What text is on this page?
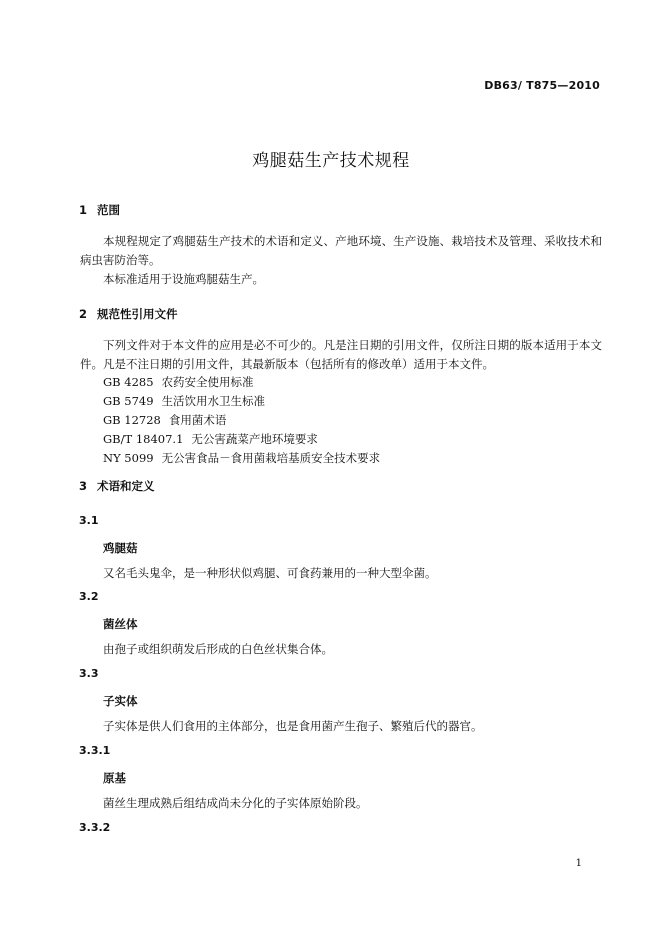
DB63/ T875—2010
鸡腿菇生产技术规程
1 范围
本规程规定了鸡腿菇生产技术的术语和定义、产地环境、生产设施、栽培技术及管理、采收技术和病虫害防治等。
本标准适用于设施鸡腿菇生产。
2 规范性引用文件
下列文件对于本文件的应用是必不可少的。凡是注日期的引用文件，仅所注日期的版本适用于本文件。凡是不注日期的引用文件，其最新版本（包括所有的修改单）适用于本文件。
GB 4285 农药安全使用标准
GB 5749 生活饮用水卫生标准
GB 12728 食用菌术语
GB/T 18407.1 无公害蔬菜产地环境要求
NY 5099 无公害食品－食用菌栽培基质安全技术要求
3 术语和定义
3.1
鸡腿菇
又名毛头鬼伞，是一种形状似鸡腿、可食药兼用的一种大型伞菌。
3.2
菌丝体
由孢子或组织萌发后形成的白色丝状集合体。
3.3
子实体
子实体是供人们食用的主体部分，也是食用菌产生孢子、繁殖后代的器官。
3.3.1
原基
菌丝生理成熟后组结成尚未分化的子实体原始阶段。
3.3.2
1
